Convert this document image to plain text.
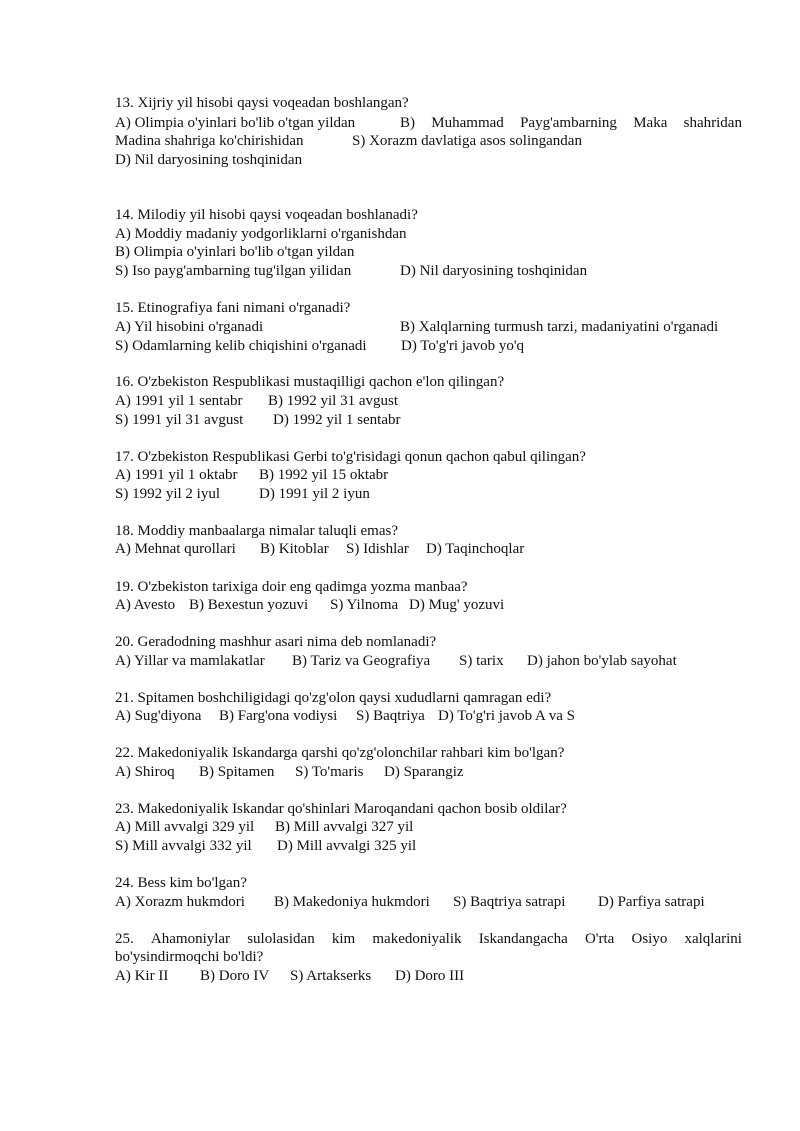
13. Xijriy yil hisobi qaysi voqeadan boshlangan?
A) Olimpia o'yinlari bo'lib o'tgan yildan	B) Muhammad Payg'ambarning Maka shahridan
Madina shahriga ko'chirishidan	S) Xorazm davlatiga asos solingandan
D) Nil daryosining toshqinidan
14. Milodiy yil hisobi qaysi voqeadan boshlanadi?
A) Moddiy madaniy yodgorliklarni o'rganishdan
B) Olimpia o'yinlari bo'lib o'tgan yildan
S) Iso payg'ambarning tug'ilgan yilidan	D) Nil daryosining toshqinidan
15. Etinografiya fani nimani o'rganadi?
A) Yil hisobini o'rganadi	B) Xalqlarning turmush tarzi, madaniyatini o'rganadi
S) Odamlarning kelib chiqishini o'rganadi D) To'g'ri javob yo'q
16. O'zbekiston Respublikasi mustaqilligi qachon e'lon qilingan?
A) 1991 yil 1 sentabr B) 1992 yil 31 avgust
S) 1991 yil 31 avgust D) 1992 yil 1 sentabr
17. O'zbekiston Respublikasi Gerbi to'g'risidagi qonun qachon qabul qilingan?
A) 1991 yil 1 oktabr B) 1992 yil 15 oktabr
S) 1992 yil 2 iyul	D) 1991 yil 2 iyun
18. Moddiy manbaalarga nimalar taluqli emas?
A) Mehnat qurollari B) Kitoblar S) Idishlar D) Taqinchoqlar
19. O'zbekiston tarixiga doir eng qadimga yozma manbaa?
A) Avesto B) Bexestun yozuvi S) Yilnoma D) Mug' yozuvi
20. Geradodning mashhur asari nima deb nomlanadi?
A) Yillar va mamlakatlar B) Tariz va Geografiya S) tarix D) jahon bo'ylab sayohat
21. Spitamen boshchiligidagi qo'zg'olon qaysi xududlarni qamragan edi?
A) Sug'diyona B) Farg'ona vodiysi S) Baqtriya D) To'g'ri javob A va S
22. Makedoniyalik Iskandarga qarshi qo'zg'olonchilar rahbari kim bo'lgan?
A) Shiroq B) Spitamen S) To'maris D) Sparangiz
23. Makedoniyalik Iskandar qo'shinlari Maroqandani qachon bosib oldilar?
A) Mill avvalgi 329 yil B) Mill avvalgi 327 yil
S) Mill avvalgi 332 yil D) Mill avvalgi 325 yil
24. Bess kim bo'lgan?
A) Xorazm hukmdori B) Makedoniya hukmdori S) Baqtriya satrapi D) Parfiya satrapi
25. Ahamoniylar sulolasidan kim makedoniyalik Iskandangacha O'rta Osiyo xalqlarini
bo'ysindirmoqchi bo'ldi?
A) Kir II B) Doro IV S) Artakserks D) Doro III
